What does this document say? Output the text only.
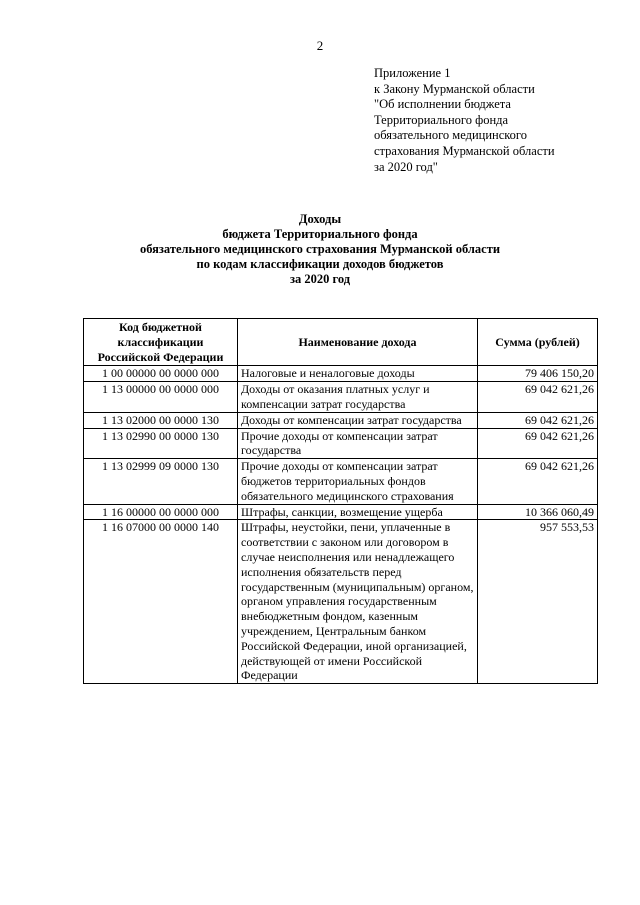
2
Приложение 1
к Закону Мурманской области
"Об исполнении бюджета
Территориального фонда
обязательного медицинского
страхования Мурманской области
за 2020 год"
Доходы
бюджета Территориального фонда
обязательного медицинского страхования Мурманской области
по кодам классификации доходов бюджетов
за 2020 год
Код бюджетной классификации Российской Федерации	Наименование дохода	Сумма (рублей)
1 00 00000 00 0000 000	Налоговые и неналоговые доходы	79 406 150,20
1 13 00000 00 0000 000	Доходы от оказания платных услуг и компенсации затрат государства	69 042 621,26
1 13 02000 00 0000 130	Доходы от компенсации затрат государства	69 042 621,26
1 13 02990 00 0000 130	Прочие доходы от компенсации затрат государства	69 042 621,26
1 13 02999 09 0000 130	Прочие доходы от компенсации затрат бюджетов территориальных фондов обязательного медицинского страхования	69 042 621,26
1 16 00000 00 0000 000	Штрафы, санкции, возмещение ущерба	10 366 060,49
1 16 07000 00 0000 140	Штрафы, неустойки, пени, уплаченные в соответствии с законом или договором в случае неисполнения или ненадлежащего исполнения обязательств перед государственным (муниципальным) органом, органом управления государственным внебюджетным фондом, казенным учреждением, Центральным банком Российской Федерации, иной организацией, действующей от имени Российской Федерации	957 553,53
